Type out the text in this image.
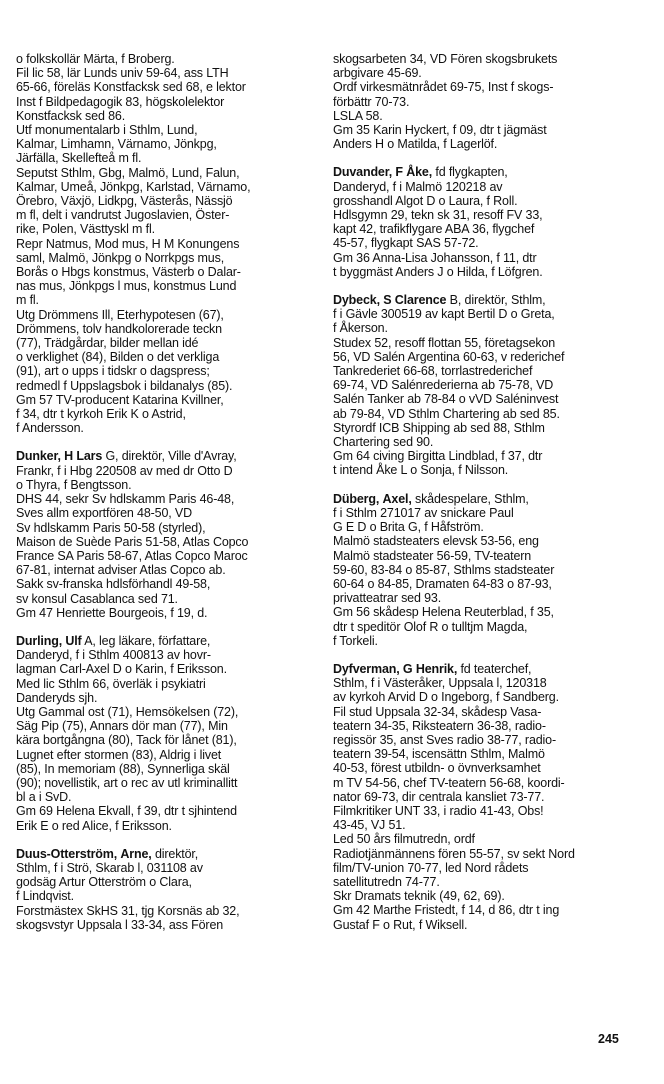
o folkskollär Märta, f Broberg.
Fil lic 58, lär Lunds univ 59-64, ass LTH
65-66, föreläs Konstfacksk sed 68, e lektor
Inst f Bildpedagogik 83, högskolelektor
Konstfacksk sed 86.
Utf monumentalarb i Sthlm, Lund,
Kalmar, Limhamn, Värnamo, Jönkpg,
Järfälla, Skellefteå m fl.
Seputst Sthlm, Gbg, Malmö, Lund, Falun,
Kalmar, Umeå, Jönkpg, Karlstad, Värnamo,
Örebro, Växjö, Lidkpg, Västerås, Nässjö
m fl, delt i vandrutst Jugoslavien, Öster-
rike, Polen, Västtyskl m fl.
Repr Natmus, Mod mus, H M Konungens
saml, Malmö, Jönkpg o Norrkpgs mus,
Borås o Hbgs konstmus, Västerb o Dalar-
nas mus, Jönkpgs l mus, konstmus Lund
m fl.
Utg Drömmens Ill, Eterhypotesen (67),
Drömmens, tolv handkolorerade teckn
(77), Trädgårdar, bilder mellan idé
o verklighet (84), Bilden o det verkliga
(91), art o upps i tidskr o dagspress;
redmedl f Uppslagsbok i bildanalys (85).
Gm 57 TV-producent Katarina Kvillner,
f 34, dtr t kyrkoh Erik K o Astrid,
f Andersson.
Dunker, H Lars G, direktör, Ville d'Avray,
Frankr, f i Hbg 220508 av med dr Otto D
o Thyra, f Bengtsson.
DHS 44, sekr Sv hdlskamm Paris 46-48,
Sves allm exportfören 48-50, VD
Sv hdlskamm Paris 50-58 (styrled),
Maison de Suède Paris 51-58, Atlas Copco
France SA Paris 58-67, Atlas Copco Maroc
67-81, internat adviser Atlas Copco ab.
Sakk sv-franska hdlsförhandl 49-58,
sv konsul Casablanca sed 71.
Gm 47 Henriette Bourgeois, f 19, d.
Durling, Ulf A, leg läkare, författare,
Danderyd, f i Sthlm 400813 av hovr-
lagman Carl-Axel D o Karin, f Eriksson.
Med lic Sthlm 66, överläk i psykiatri
Danderyds sjh.
Utg Gammal ost (71), Hemsökelsen (72),
Säg Pip (75), Annars dör man (77), Min
kära bortgångna (80), Tack för lånet (81),
Lugnet efter stormen (83), Aldrig i livet
(85), In memoriam (88), Synnerliga skäl
(90); novellistik, art o rec av utl kriminallitt
bl a i SvD.
Gm 69 Helena Ekvall, f 39, dtr t sjhintend
Erik E o red Alice, f Eriksson.
Duus-Otterström, Arne, direktör,
Sthlm, f i Strö, Skarab l, 031108 av
godsäg Artur Otterström o Clara,
f Lindqvist.
Forstmästex SkHS 31, tjg Korsnäs ab 32,
skogsvstyr Uppsala l 33-34, ass Fören
skogsarbeten 34, VD Fören skogsbrukets
arbgivare 45-69.
Ordf virkesmätnrådet 69-75, Inst f skogs-
förbättr 70-73.
LSLA 58.
Gm 35 Karin Hyckert, f 09, dtr t jägmäst
Anders H o Matilda, f Lagerlöf.
Duvander, F Åke, fd flygkapten,
Danderyd, f i Malmö 120218 av
grosshandl Algot D o Laura, f Roll.
Hdlsgymn 29, tekn sk 31, resoff FV 33,
kapt 42, trafikflygare ABA 36, flygchef
45-57, flygkapt SAS 57-72.
Gm 36 Anna-Lisa Johansson, f 11, dtr
t byggmäst Anders J o Hilda, f Löfgren.
Dybeck, S Clarence B, direktör, Sthlm,
f i Gävle 300519 av kapt Bertil D o Greta,
f Åkerson.
Studex 52, resoff flottan 55, företagsekon
56, VD Salén Argentina 60-63, v rederichef
Tankrederiet 66-68, torrlastrederichef
69-74, VD Salénrederierna ab 75-78, VD
Salén Tanker ab 78-84 o vVD Saléninvest
ab 79-84, VD Sthlm Chartering ab sed 85.
Styrordf ICB Shipping ab sed 88, Sthlm
Chartering sed 90.
Gm 64 civing Birgitta Lindblad, f 37, dtr
t intend Åke L o Sonja, f Nilsson.
Düberg, Axel, skådespelare, Sthlm,
f i Sthlm 271017 av snickare Paul
G E D o Brita G, f Håfström.
Malmö stadsteaters elevsk 53-56, eng
Malmö stadsteater 56-59, TV-teatern
59-60, 83-84 o 85-87, Sthlms stadsteater
60-64 o 84-85, Dramaten 64-83 o 87-93,
privatteatrar sed 93.
Gm 56 skådesp Helena Reuterblad, f 35,
dtr t speditör Olof R o tulltjm Magda,
f Torkeli.
Dyfverman, G Henrik, fd teaterchef,
Sthlm, f i Västeråker, Uppsala l, 120318
av kyrkoh Arvid D o Ingeborg, f Sandberg.
Fil stud Uppsala 32-34, skådesp Vasa-
teatern 34-35, Riksteatern 36-38, radio-
regissör 35, anst Sves radio 38-77, radio-
teatern 39-54, iscensättn Sthlm, Malmö
40-53, förest utbildn- o övnverksamhet
m TV 54-56, chef TV-teatern 56-68, koordi-
nator 69-73, dir centrala kansliet 73-77.
Filmkritiker UNT 33, i radio 41-43, Obs!
43-45, VJ 51.
Led 50 års filmutredn, ordf
Radiotjänmännens fören 55-57, sv sekt Nord
film/TV-union 70-77, led Nord rådets
satellitutredn 74-77.
Skr Dramats teknik (49, 62, 69).
Gm 42 Marthe Fristedt, f 14, d 86, dtr t ing
Gustaf F o Rut, f Wiksell.
245
